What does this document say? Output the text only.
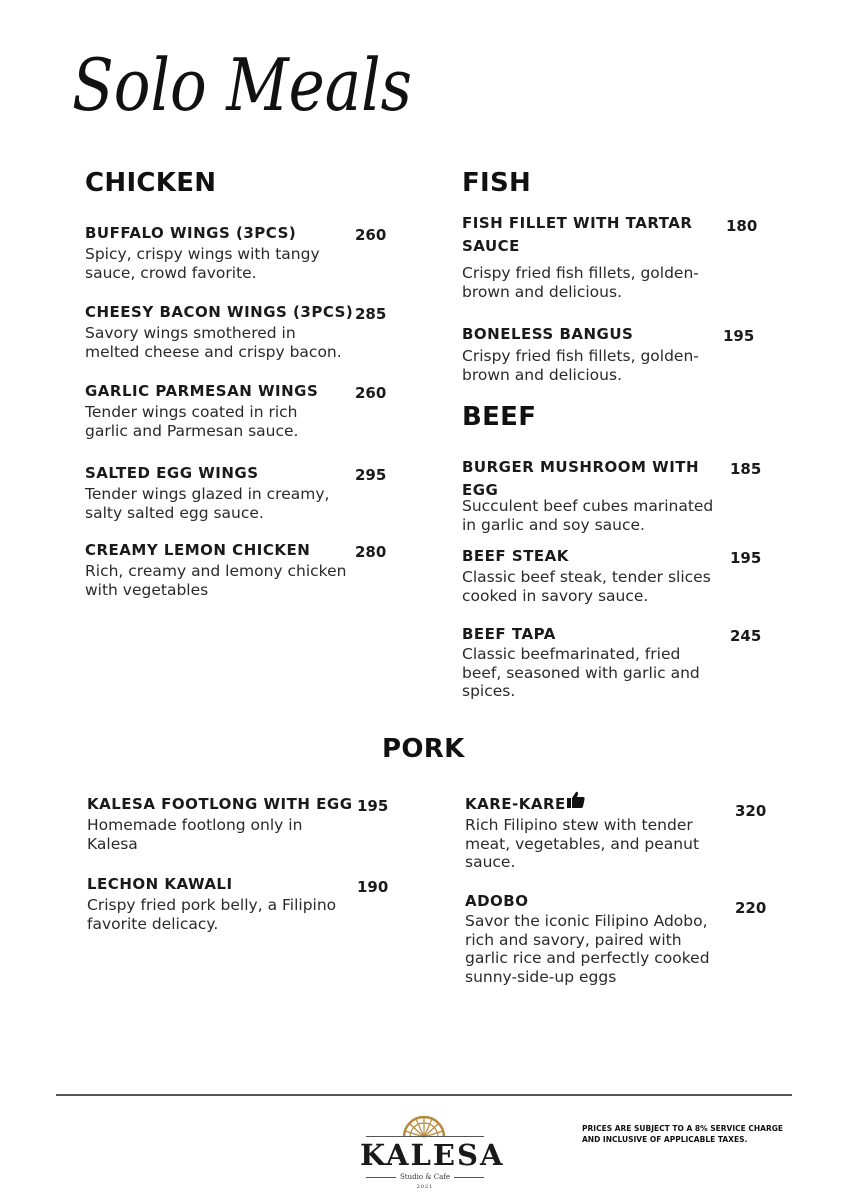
Solo Meals
CHICKEN
BUFFALO WINGS (3PCS)	260
Spicy, crispy wings with tangy
sauce, crowd favorite.
CHEESY BACON WINGS (3PCS) 285
Savory wings smothered in
melted cheese and crispy bacon.
GARLIC PARMESAN WINGS 260
Tender wings coated in rich
garlic and Parmesan sauce.
SALTED EGG WINGS	295
Tender wings glazed in creamy,
salty salted egg sauce.
CREAMY LEMON CHICKEN	280
Rich, creamy and lemony chicken
with vegetables
FISH
FISH FILLET WITH TARTAR
SAUCE
180
Crispy fried fish fillets, golden-
brown and delicious.
BONELESS BANGUS	195
Crispy fried fish fillets, golden-
brown and delicious.
BEEF
BURGER MUSHROOM WITH
EGG
185
Succulent beef cubes marinated
in garlic and soy sauce.
BEEF STEAK	195
Classic beef steak, tender slices
cooked in savory sauce.
BEEF TAPA	245
Classic beefmarinated, fried
beef, seasoned with garlic and
spices.
PORK
KALESA FOOTLONG WITH EGG 195
Homemade footlong only in
Kalesa
LECHON KAWALI	190
Crispy fried pork belly, a Filipino
favorite delicacy.
KARE-KARE	320
Rich Filipino stew with tender
meat, vegetables, and peanut
sauce.
ADOBO	220
Savor the iconic Filipino Adobo,
rich and savory, paired with
garlic rice and perfectly cooked
sunny-side-up eggs
KALESA
Studio & Cafe
2021
PRICES ARE SUBJECT TO A 8% SERVICE CHARGE
AND INCLUSIVE OF APPLICABLE TAXES.
